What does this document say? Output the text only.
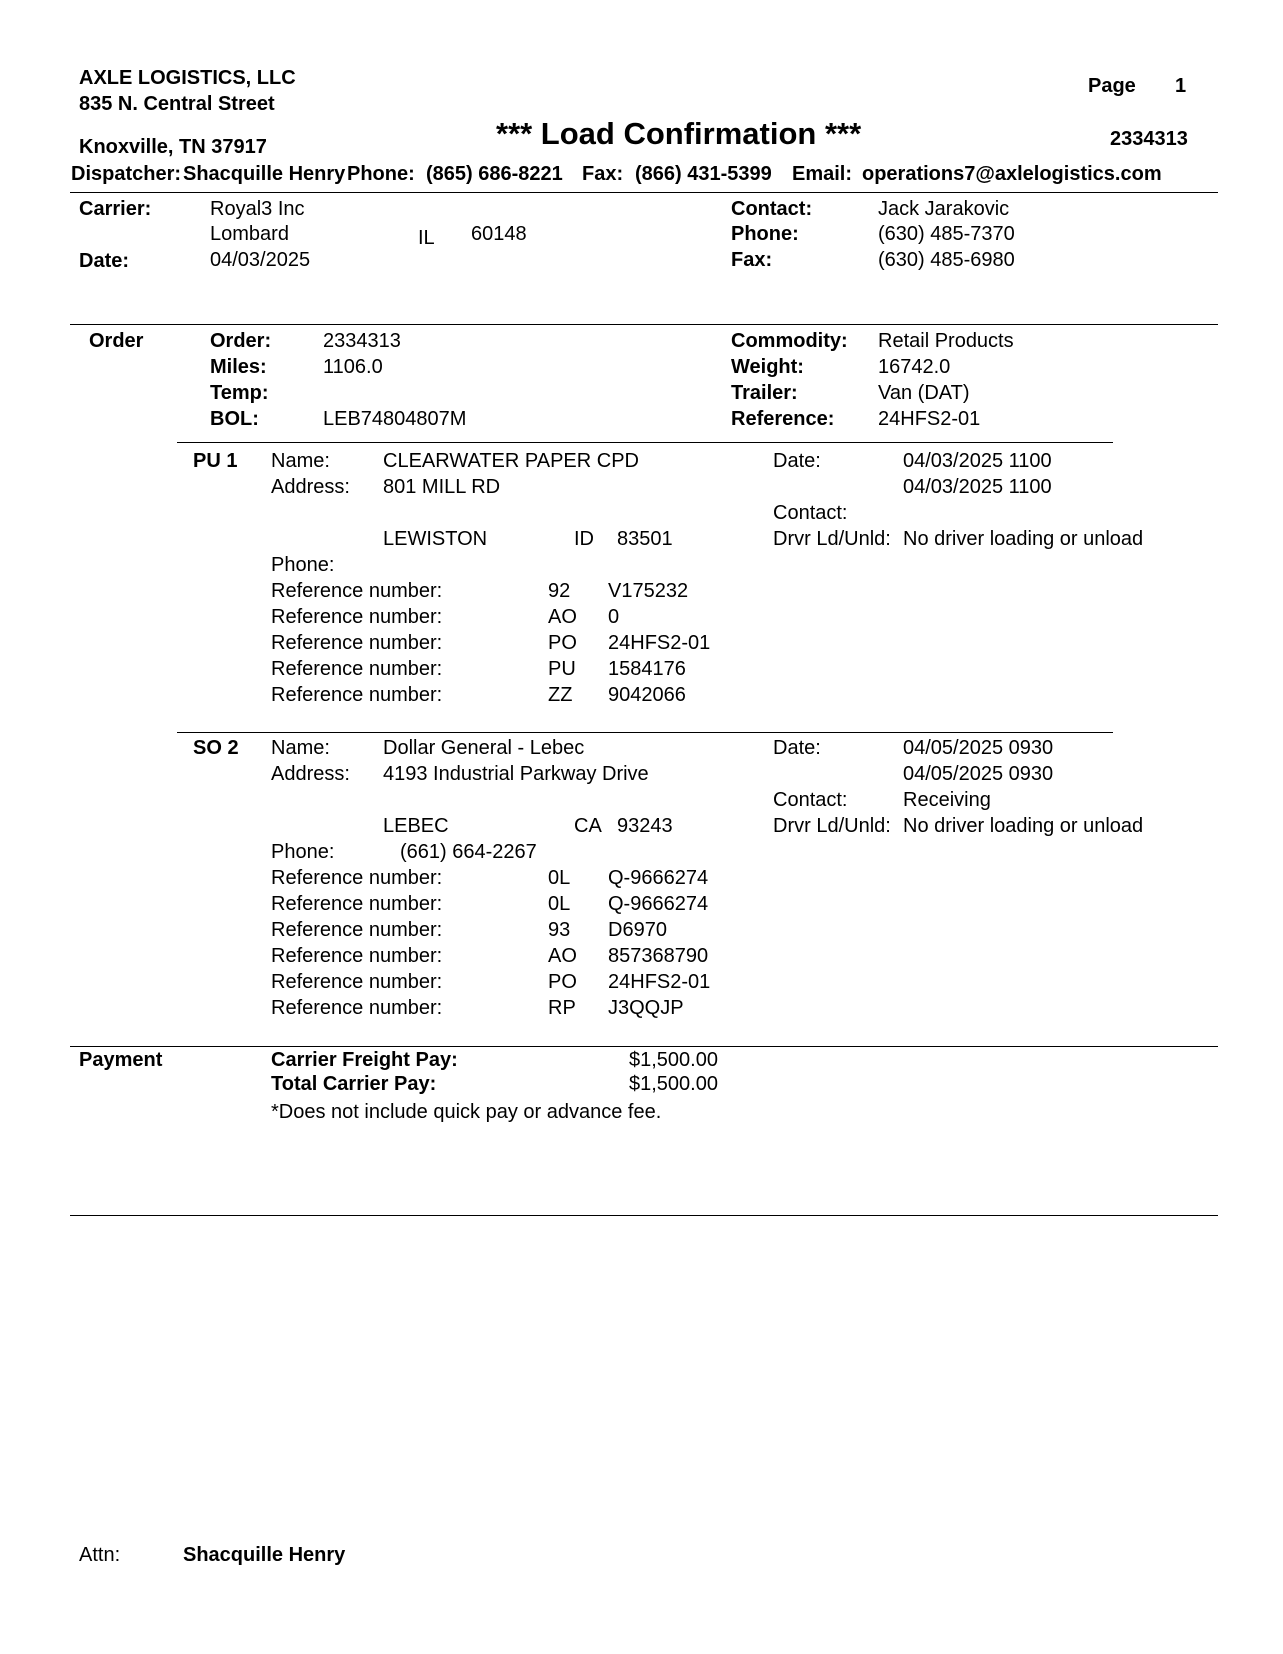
AXLE LOGISTICS, LLC
835 N. Central Street
Knoxville, TN 37917
Page 1
*** Load Confirmation ***	2334313
Dispatcher: Shacquille Henry Phone: (865) 686-8221 Fax: (866) 431-5399 Email: operations7@axlelogistics.com
Carrier:	Royal3 Inc
Lombard	IL 60148
Date:	04/03/2025
Contact:	Jack Jarakovic
Phone:	(630) 485-7370
Fax:	(630) 485-6980
Order	Order:	2334313
Miles:	1106.0
Temp:
BOL:	LEB74804807M
Commodity: Retail Products
Weight:	16742.0
Trailer:	Van (DAT)
Reference: 24HFS2-01
PU 1 Name:	CLEARWATER PAPER CPD
Address: 801 MILL RD
LEWISTON	ID 83501
Phone:
Date:	04/03/2025 1100
04/03/2025 1100
Contact:
Drvr Ld/Unld: No driver loading or unload
Reference number:	92 V175232
Reference number:	AO 0
Reference number:	PO 24HFS2-01
Reference number:	PU 1584176
Reference number:	ZZ 9042066
SO 2 Name:	Dollar General - Lebec
Address: 4193 Industrial Parkway Drive
LEBEC	CA 93243
Phone:	(661) 664-2267
Date:	04/05/2025 0930
04/05/2025 0930
Contact:	Receiving
Drvr Ld/Unld: No driver loading or unload
Reference number:	0L Q-9666274
Reference number:	0L Q-9666274
Reference number:	93 D6970
Reference number:	AO 857368790
Reference number:	PO 24HFS2-01
Reference number:	RP J3QQJP
Payment	Carrier Freight Pay:	$1,500.00
Total Carrier Pay:	$1,500.00
*Does not include quick pay or advance fee.
Attn:	Shacquille Henry
